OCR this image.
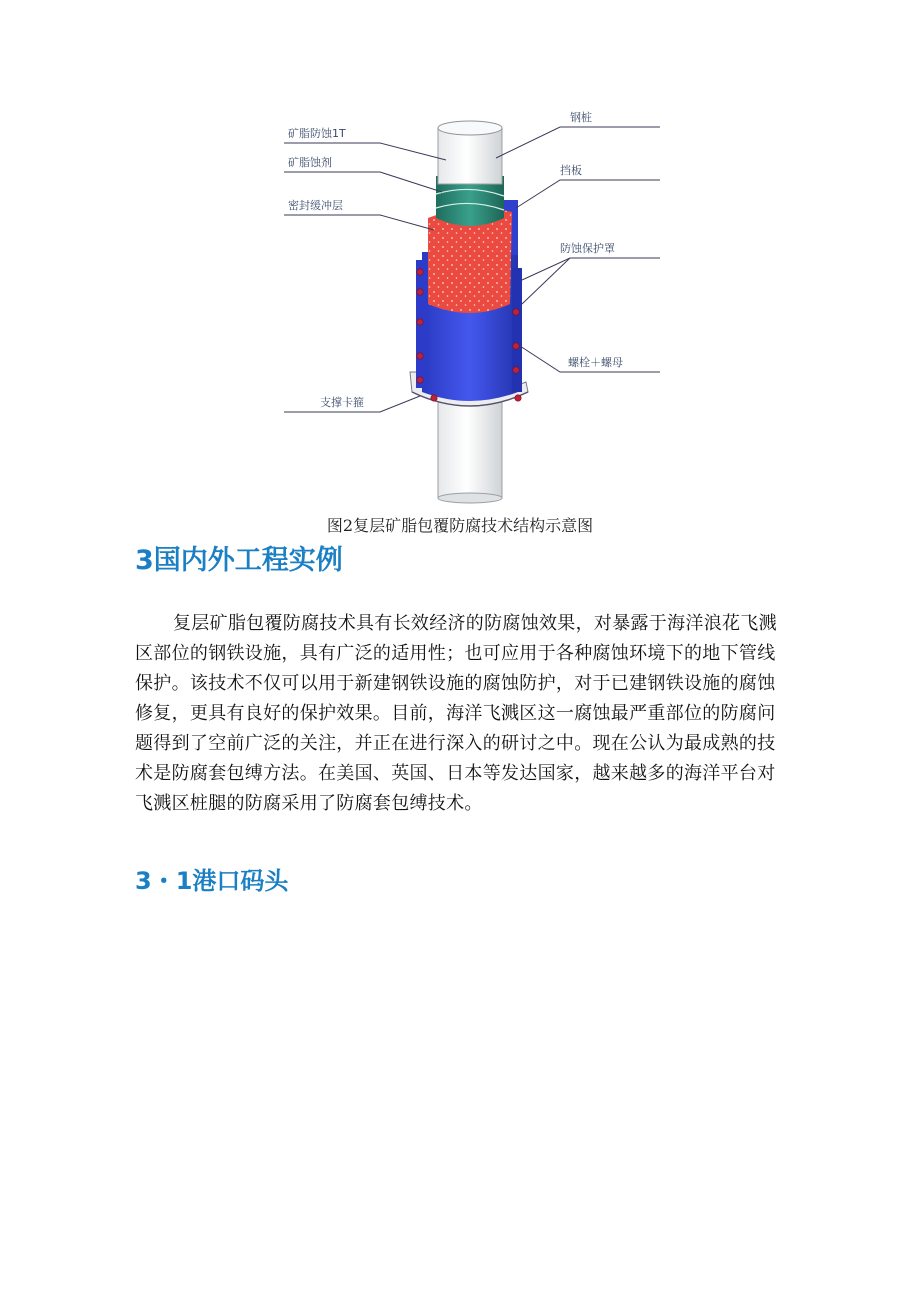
矿脂防蚀1T
矿脂蚀剂
密封缓冲层
钢桩
挡板
防蚀保护罩
螺栓＋螺母
支撑卡箍
图2复层矿脂包覆防腐技术结构示意图
3国内外工程实例
复层矿脂包覆防腐技术具有长效经济的防腐蚀效果，对暴露于海洋浪花飞溅
区部位的钢铁设施，具有广泛的适用性；也可应用于各种腐蚀环境下的地下管线
保护。该技术不仅可以用于新建钢铁设施的腐蚀防护，对于已建钢铁设施的腐蚀
修复，更具有良好的保护效果。目前，海洋飞溅区这一腐蚀最严重部位的防腐问
题得到了空前广泛的关注，并正在进行深入的研讨之中。现在公认为最成熟的技
术是防腐套包缚方法。在美国、英国、日本等发达国家，越来越多的海洋平台对
飞溅区桩腿的防腐采用了防腐套包缚技术。
3・1港口码头
